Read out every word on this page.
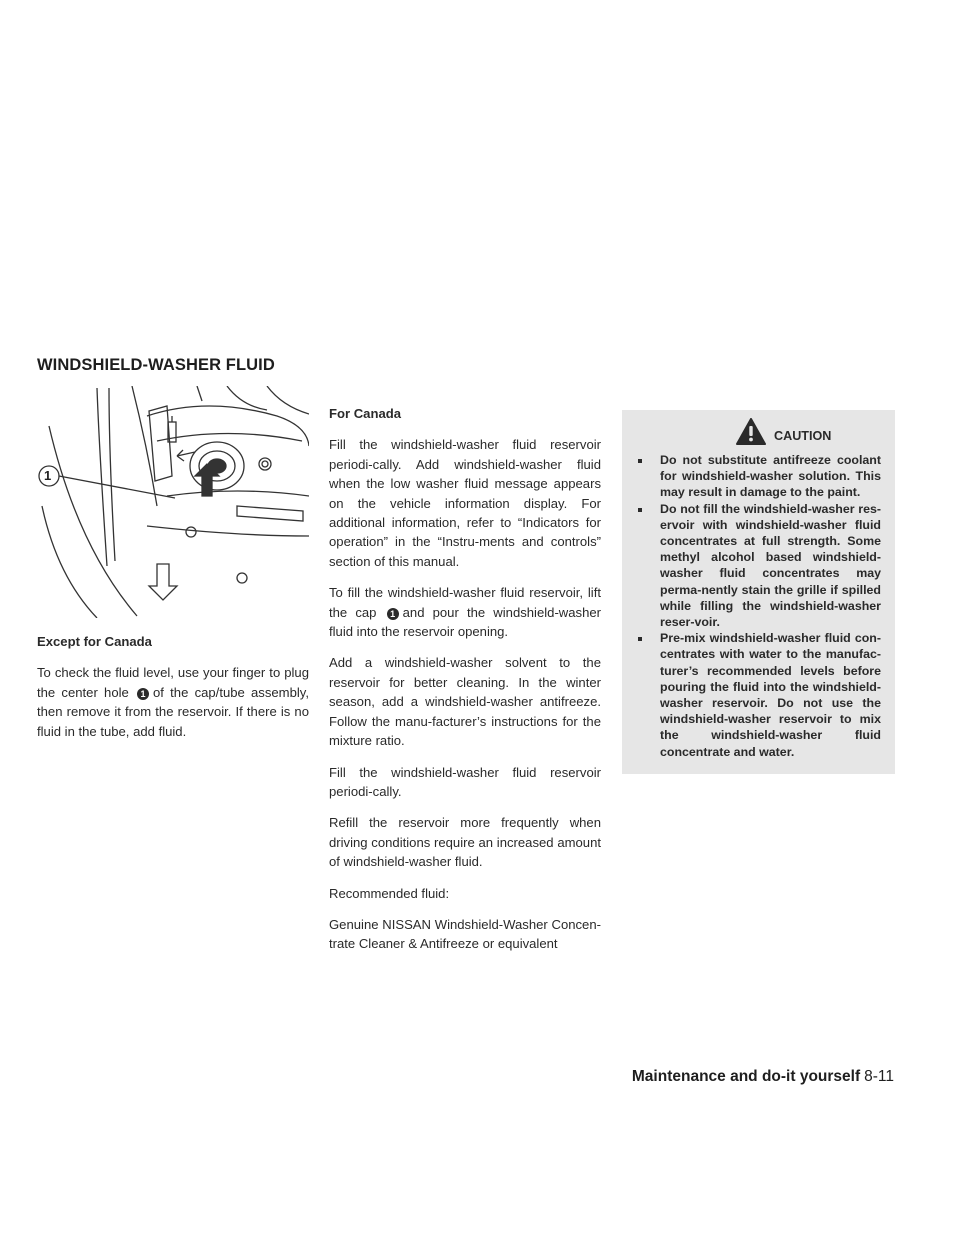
WINDSHIELD-WASHER FLUID
1

Except for Canada

To check the fluid level, use your finger to plug the center hole 1 of the cap/tube assembly, then remove it from the reservoir. If there is no fluid in the tube, add fluid.

For Canada

Fill the windshield-washer fluid reservoir periodi-cally. Add windshield-washer fluid when the low washer fluid message appears on the vehicle information display. For additional information, refer to “Indicators for operation” in the “Instru-ments and controls” section of this manual.

To fill the windshield-washer fluid reservoir, lift the cap 1 and pour the windshield-washer fluid into the reservoir opening.

Add a windshield-washer solvent to the reservoir for better cleaning. In the winter season, add a windshield-washer antifreeze. Follow the manu-facturer’s instructions for the mixture ratio.

Fill the windshield-washer fluid reservoir periodi-cally.

Refill the reservoir more frequently when driving conditions require an increased amount of windshield-washer fluid.

Recommended fluid:

Genuine NISSAN Windshield-Washer Concen-trate Cleaner & Antifreeze or equivalent

CAUTION
Do not substitute antifreeze coolant for windshield-washer solution. This may result in damage to the paint.
Do not fill the windshield-washer res-ervoir with windshield-washer fluid concentrates at full strength. Some methyl alcohol based windshield-washer fluid concentrates may perma-nently stain the grille if spilled while filling the windshield-washer reser-voir.
Pre-mix windshield-washer fluid con-centrates with water to the manufac-turer’s recommended levels before pouring the fluid into the windshield-washer reservoir. Do not use the windshield-washer reservoir to mix the windshield-washer fluid concentrate and water.
Maintenance and do-it yourself 8-11
